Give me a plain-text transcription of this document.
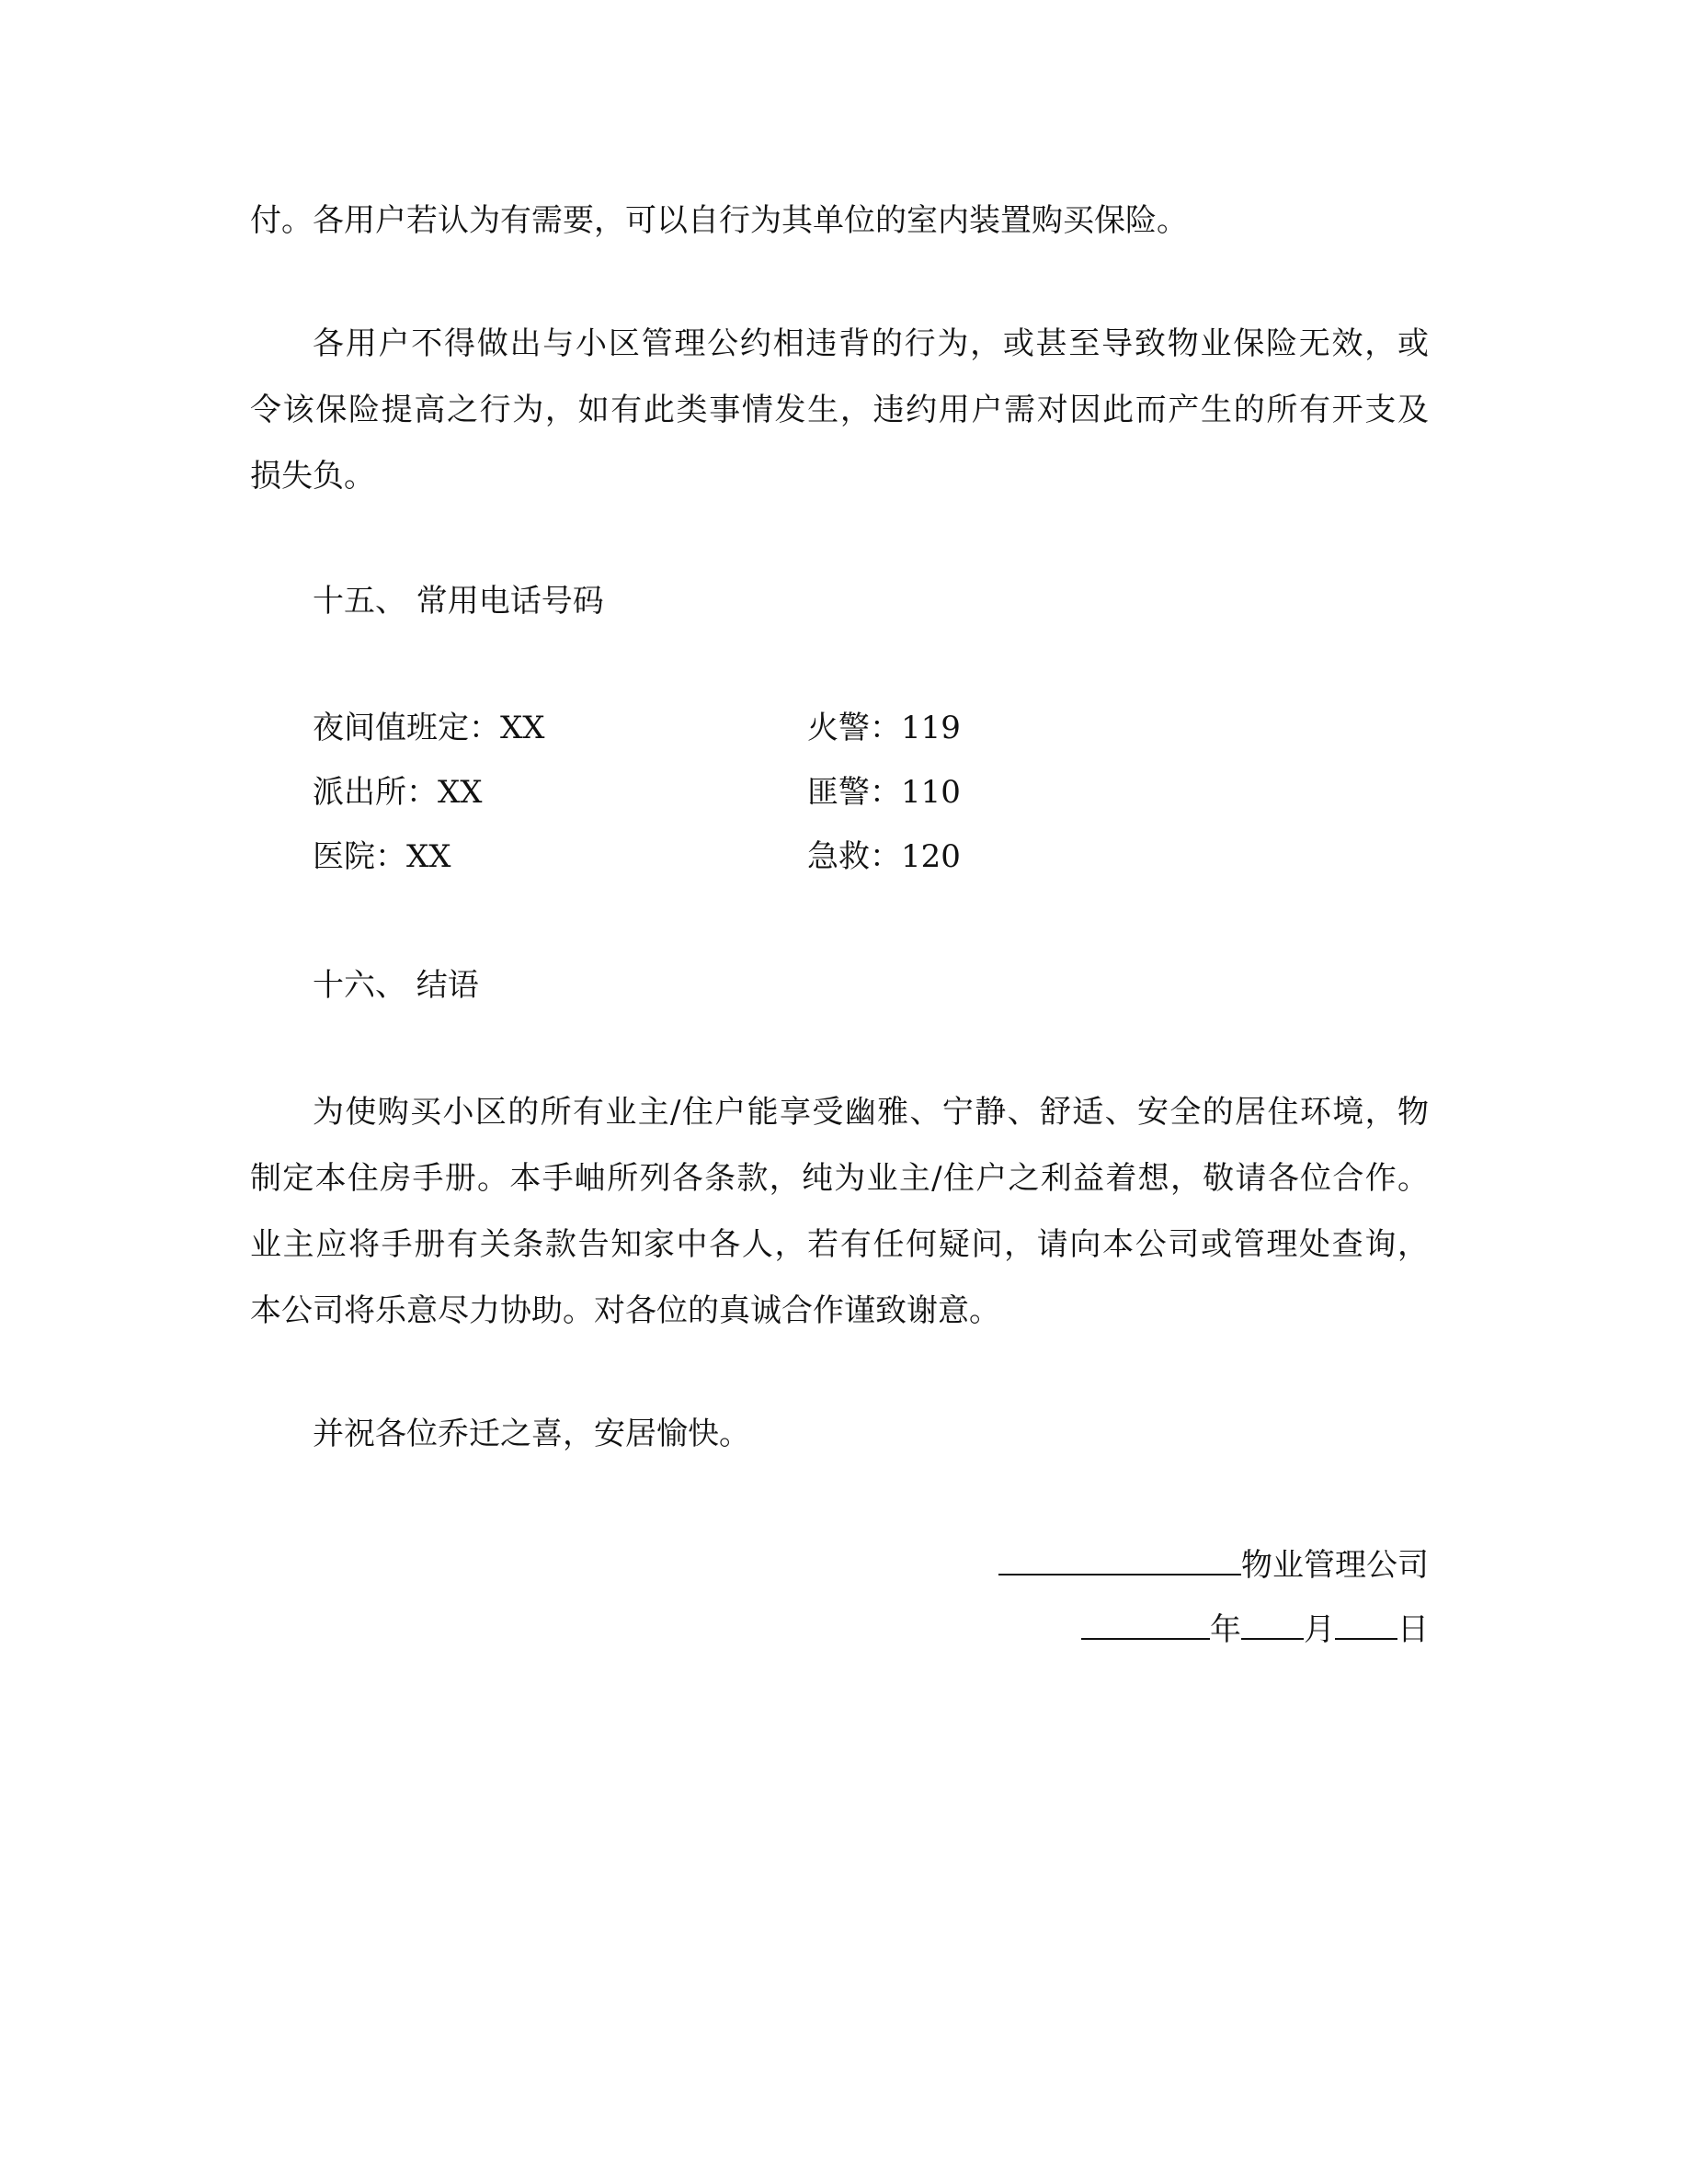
付。各用户若认为有需要，可以自行为其单位的室内装置购买保险。
各用户不得做出与小区管理公约相违背的行为，或甚至导致物业保险无效，或
令该保险提高之行为，如有此类事情发生，违约用户需对因此而产生的所有开支及
损失负。
十五、 常用电话号码
夜间值班定：XX	火警：119
派出所：XX	匪警：110
医院：XX	急救：120
十六、 结语
为使购买小区的所有业主/住户能享受幽雅、宁静、舒适、安全的居住环境，物
制定本住房手册。本手岫所列各条款，纯为业主/住户之利益着想，敬请各位合作。
业主应将手册有关条款告知家中各人，若有任何疑问，请向本公司或管理处查询，
本公司将乐意尽力协助。对各位的真诚合作谨致谢意。
并祝各位乔迁之喜，安居愉快。
物业管理公司
年 月 日
